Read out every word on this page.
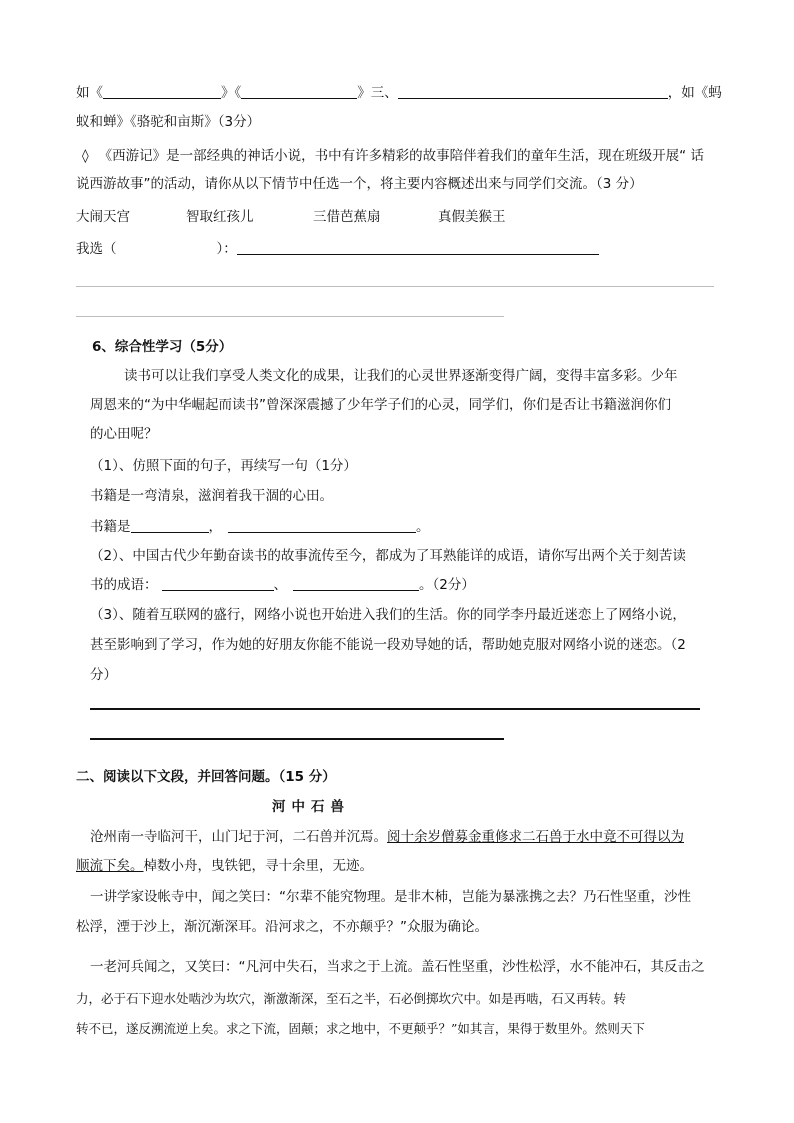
如《	》《	》三、	，如《蚂
蚁和蝉》《骆驼和亩斯》（3分）
◊ 《西游记》是一部经典的神话小说，书中有许多精彩的故事陪伴着我们的童年生活，现在班级开展“ 话
说西游故事”的活动，请你从以下情节中任选一个，将主要内容概述出来与同学们交流。（3 分）
大闹天宫	智取红孩儿	三借芭蕉扇	真假美猴王
我选（	）：
6、综合性学习（5分）
读书可以让我们享受人类文化的成果，让我们的心灵世界逐渐变得广阔，变得丰富多彩。少年
周恩来的“为中华崛起而读书”曾深深震撼了少年学子们的心灵，同学们，你们是否让书籍滋润你们
的心田呢？
（1）、仿照下面的句子，再续写一句（1分）
书籍是一弯清泉，滋润着我干涸的心田。
书籍是	，	。
（2）、中国古代少年勤奋读书的故事流传至今，都成为了耳熟能详的成语，请你写出两个关于刻苦读
书的成语：	、	。（2分）
（3）、随着互联网的盛行，网络小说也开始进入我们的生活。你的同学李丹最近迷恋上了网络小说，
甚至影响到了学习，作为她的好朋友你能不能说一段劝导她的话，帮助她克服对网络小说的迷恋。（2
分）
二、阅读以下文段，并回答问题。（15 分）
河中石兽
沧州南一寺临河干，山门圮于河，二石兽并沉焉。阅十余岁僧募金重修求二石兽于水中竟不可得以为
顺流下矣。棹数小舟，曳铁钯，寻十余里，无迹。
一讲学家设帐寺中，闻之笑曰：“尔辈不能究物理。是非木杮，岂能为暴涨携之去？乃石性坚重，沙性
松浮，湮于沙上，渐沉渐深耳。沿河求之，不亦颠乎？”众服为确论。
一老河兵闻之，又笑曰：“凡河中失石，当求之于上流。盖石性坚重，沙性松浮，水不能冲石，其反击之
力，必于石下迎水处啮沙为坎穴，渐激渐深，至石之半，石必倒掷坎穴中。如是再啮，石又再转。转
转不已，遂反溯流逆上矣。求之下流，固颠；求之地中，不更颠乎？”如其言，果得于数里外。然则天下
